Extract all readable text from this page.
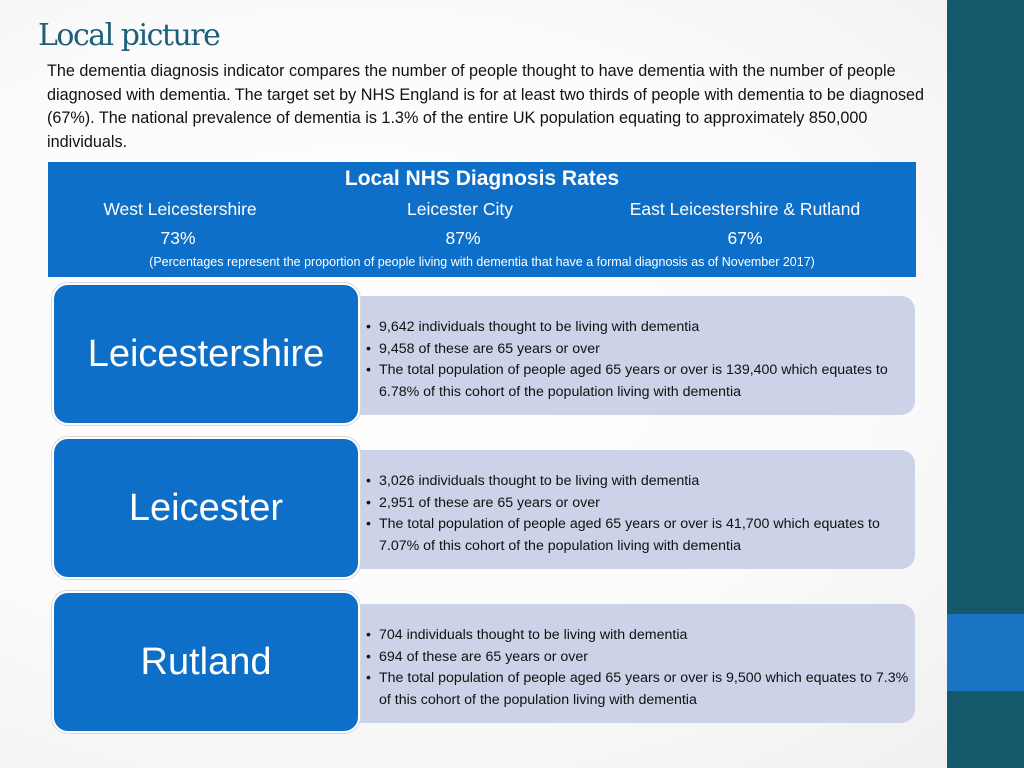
Local picture

The dementia diagnosis indicator compares the number of people thought to have dementia with the number of people diagnosed with dementia. The target set by NHS England is for at least two thirds of people with dementia to be diagnosed (67%). The national prevalence of dementia is 1.3% of the entire UK population equating to approximately 850,000 individuals.

Local NHS Diagnosis Rates
West Leicestershire	Leicester City	East Leicestershire & Rutland
73%	87%	67%
(Percentages represent the proportion of people living with dementia that have a formal diagnosis as of November 2017)
• 9,642 individuals thought to be living with dementia
• 9,458 of these are 65 years or over
• The total population of people aged 65 years or over is 139,400 which equates to 6.78% of this cohort of the population living with dementia
Leicestershire
• 3,026 individuals thought to be living with dementia
• 2,951 of these are 65 years or over
• The total population of people aged 65 years or over is 41,700 which equates to 7.07% of this cohort of the population living with dementia
Leicester
• 704 individuals thought to be living with dementia
• 694 of these are 65 years or over
• The total population of people aged 65 years or over is 9,500 which equates to 7.3% of this cohort of the population living with dementia
Rutland
